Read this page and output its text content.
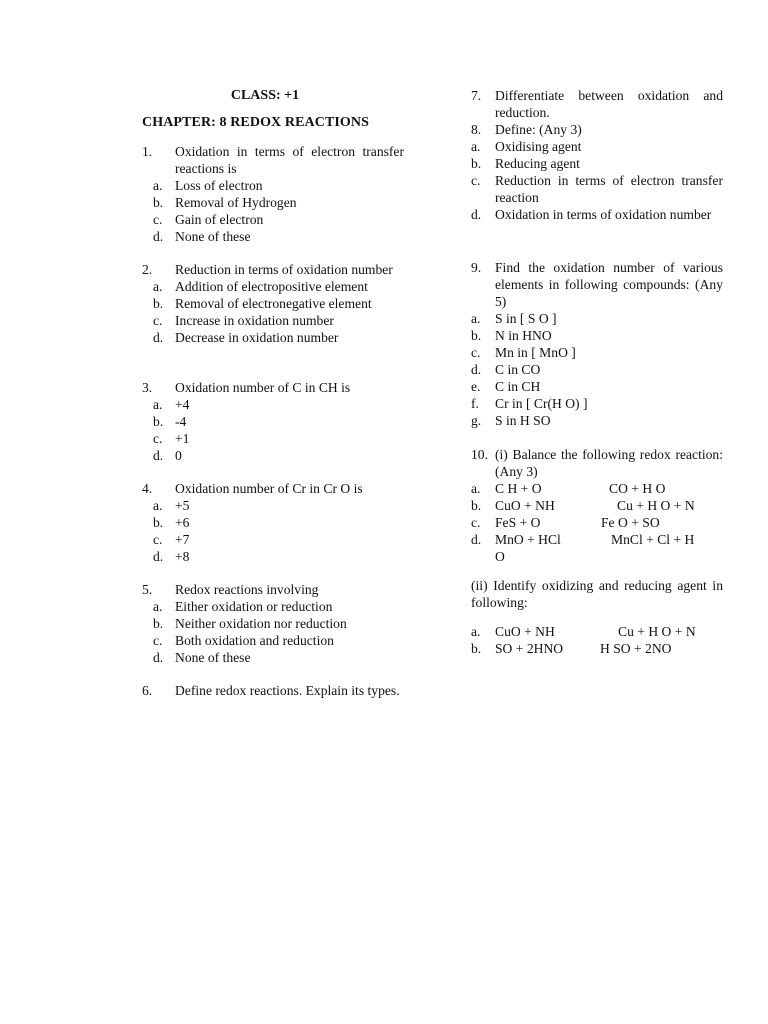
CLASS: +1
CHAPTER: 8 REDOX REACTIONS
1.	Oxidation in terms of electron transfer reactions is
a. Loss of electron
b. Removal of Hydrogen
c. Gain of electron
d. None of these
2.	Reduction in terms of oxidation number
a. Addition of electropositive element
b. Removal of electronegative element
c. Increase in oxidation number
d. Decrease in oxidation number
3.	Oxidation number of C in CH is
a. +4
b. -4
c. +1
d. 0
4.	Oxidation number of Cr in Cr O is
a. +5
b. +6
c. +7
d. +8
5.	Redox reactions involving
a. Either oxidation or reduction
b. Neither oxidation nor reduction
c. Both oxidation and reduction
d. None of these
6.	Define redox reactions. Explain its types.
7.	Differentiate between oxidation and reduction.
8.	Define: (Any 3)
a.	Oxidising agent
b.	Reducing agent
c.	Reduction in terms of electron transfer reaction
d.	Oxidation in terms of oxidation number
9.	Find the oxidation number of various elements in following compounds: (Any 5)
a.	S in [ S O ]
b.	N in HNO
c.	Mn in [ MnO ]
d.	C in CO
e.	C in CH
f.	Cr in [ Cr(H O) ]
g.	S in H SO
10. (i) Balance the following redox reaction: (Any 3)
a.	C H + O	CO + H O
b.	CuO + NH	Cu + H O + N
c.	FeS + O	Fe O + SO
d.	MnO + HCl	MnCl + Cl + H
O
(ii) Identify oxidizing and reducing agent in following:
a.	CuO + NH	Cu + H O + N
b.	SO + 2HNO	H SO + 2NO
